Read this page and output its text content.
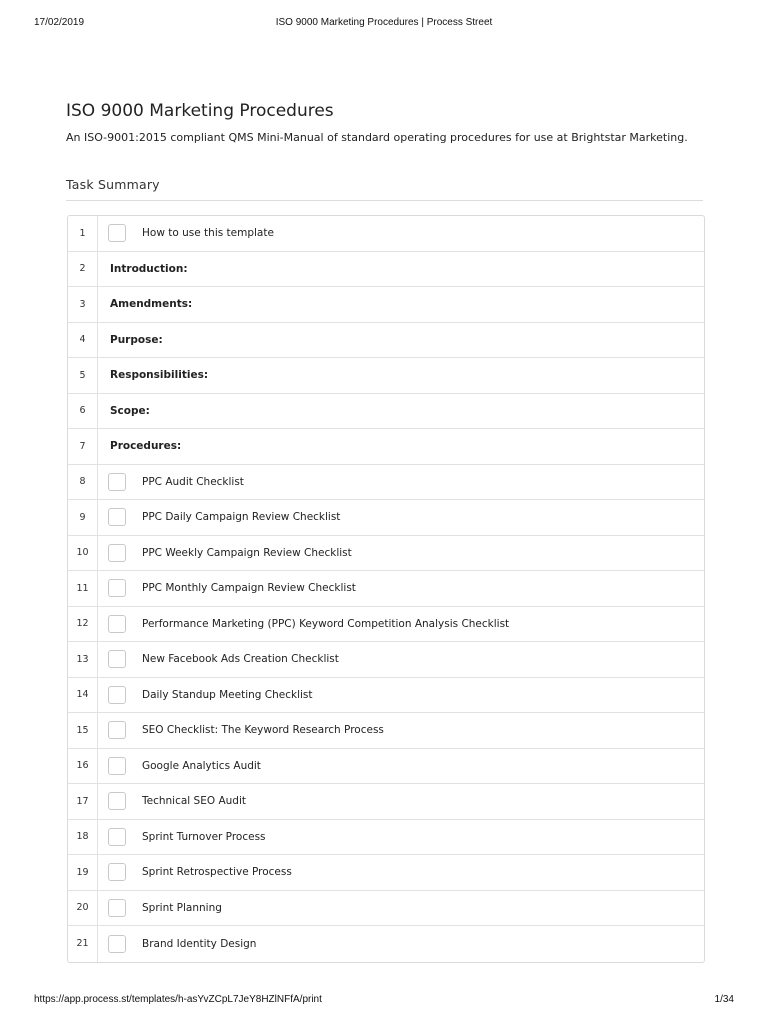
17/02/2019	ISO 9000 Marketing Procedures | Process Street
ISO 9000 Marketing Procedures
An ISO-9001:2015 compliant QMS Mini-Manual of standard operating procedures for use at Brightstar Marketing.
Task Summary
1	How to use this template
2	Introduction:
3	Amendments:
4	Purpose:
5	Responsibilities:
6	Scope:
7	Procedures:
8	PPC Audit Checklist
9	PPC Daily Campaign Review Checklist
10	PPC Weekly Campaign Review Checklist
11	PPC Monthly Campaign Review Checklist
12	Performance Marketing (PPC) Keyword Competition Analysis Checklist
13	New Facebook Ads Creation Checklist
14	Daily Standup Meeting Checklist
15	SEO Checklist: The Keyword Research Process
16	Google Analytics Audit
17	Technical SEO Audit
18	Sprint Turnover Process
19	Sprint Retrospective Process
20	Sprint Planning
21	Brand Identity Design
https://app.process.st/templates/h-asYvZCpL7JeY8HZlNFfA/print	1/34
